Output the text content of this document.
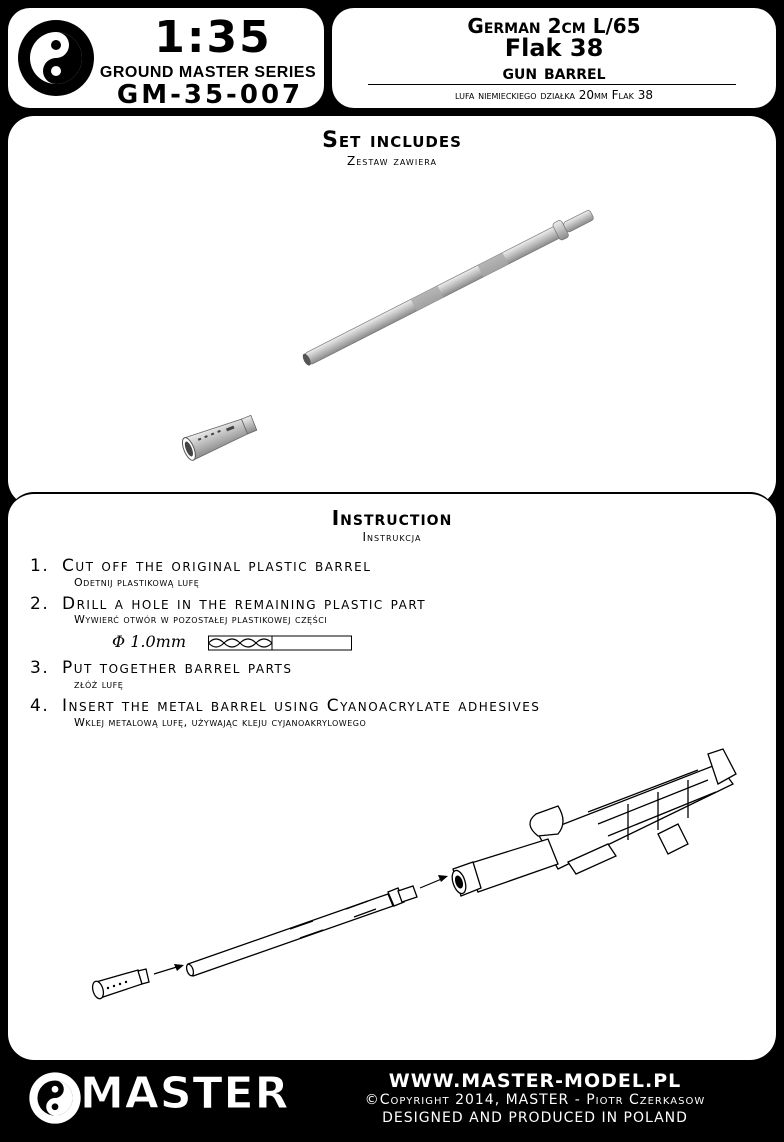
1:35
GROUND MASTER SERIES
GM-35-007
German 2cm L/65
Flak 38
gun barrel
lufa niemieckiego działka 20mm Flak 38
Set includes
Zestaw zawiera
Instruction
Instrukcja
1. Cut off the original plastic barrel
Odetnij plastikową lufę
2. Drill a hole in the remaining plastic part
Wywierć otwór w pozostałej plastikowej części
Φ 1.0mm
3. Put together barrel parts
złóż lufę
4. Insert the metal barrel using Cyanoacrylate adhesives
Wklej metalową lufę, używając kleju cyjanoakrylowego
MASTER	WWW.MASTER-MODEL.PL
©Copyright 2014, MASTER - Piotr Czerkasow
DESIGNED AND PRODUCED IN POLAND
